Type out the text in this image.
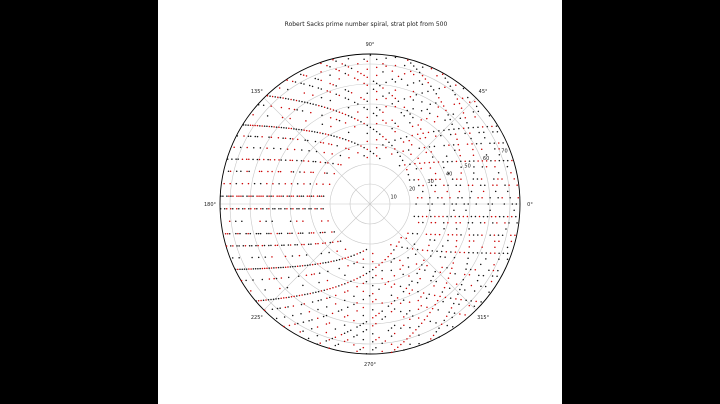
Robert Sacks prime number spiral, strat plot from 500
0°
45°
90°
135°
180°
225°
270°
315°
10
20
30
40
50
60
70
